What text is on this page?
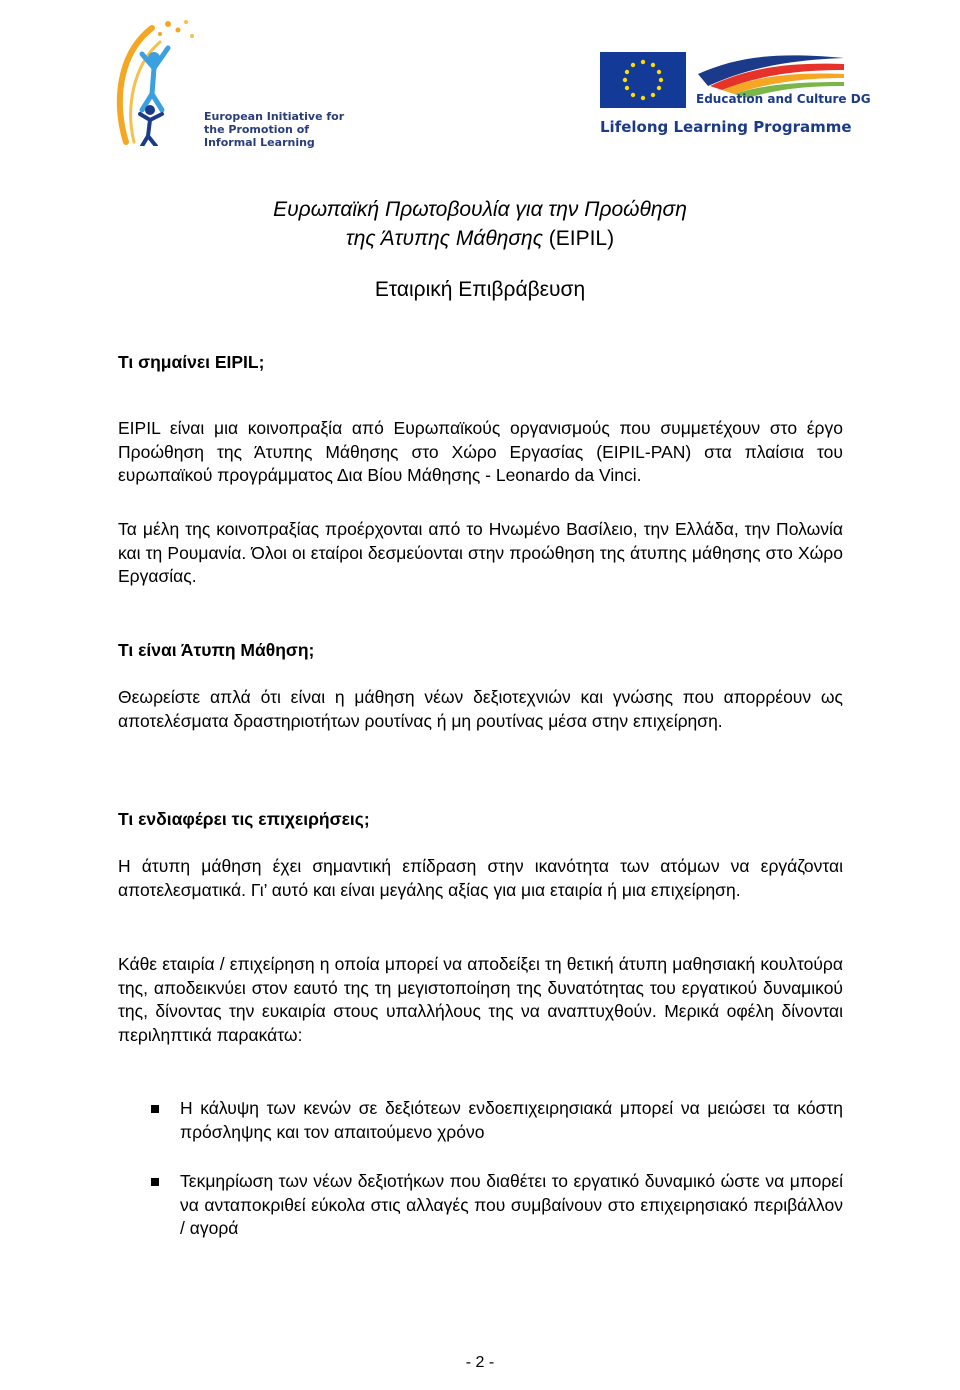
European Initiative for the Promotion of Informal Learning
Education and Culture DG
Lifelong Learning Programme
Ευρωπαϊκή Πρωτοβουλία για την Προώθηση
της Άτυπης Μάθησης (EIPIL)
Εταιρική Επιβράβευση
Τι σημαίνει EIPIL;
EIPIL είναι μια κοινοπραξία από Ευρωπαϊκούς οργανισμούς που συμμετέχουν στο έργο Προώθηση της Άτυπης Μάθησης στο Χώρο Εργασίας (EIPIL-PAN) στα πλαίσια του ευρωπαϊκού προγράμματος Δια Βίου Μάθησης - Leonardo da Vinci.
Τα μέλη της κοινοπραξίας προέρχονται από το Ηνωμένο Βασίλειο, την Ελλάδα, την Πολωνία και τη Ρουμανία. Όλοι οι εταίροι δεσμεύονται στην προώθηση της άτυπης μάθησης στο Χώρο Εργασίας.
Τι είναι Άτυπη Μάθηση;
Θεωρείστε απλά ότι είναι η μάθηση νέων δεξιοτεχνιών και γνώσης που απορρέουν ως αποτελέσματα δραστηριοτήτων ρουτίνας ή μη ρουτίνας μέσα στην επιχείρηση.
Τι ενδιαφέρει τις επιχειρήσεις;
Η άτυπη μάθηση έχει σημαντική επίδραση στην ικανότητα των ατόμων να εργάζονται αποτελεσματικά. Γι’ αυτό και είναι μεγάλης αξίας για μια εταιρία ή μια επιχείρηση.
Κάθε εταιρία / επιχείρηση η οποία μπορεί να αποδείξει τη θετική άτυπη μαθησιακή κουλτούρα της, αποδεικνύει στον εαυτό της τη μεγιστοποίηση της δυνατότητας του εργατικού δυναμικού της, δίνοντας την ευκαιρία στους υπαλλήλους της να αναπτυχθούν. Μερικά οφέλη δίνονται περιληπτικά παρακάτω:
Η κάλυψη των κενών σε δεξιότεων ενδοεπιχειρησιακά μπορεί να μειώσει τα κόστη πρόσληψης και τον απαιτούμενο χρόνο
Τεκμηρίωση των νέων δεξιοτήκων που διαθέτει το εργατικό δυναμικό ώστε να μπορεί να ανταποκριθεί εύκολα στις αλλαγές που συμβαίνουν στο επιχειρησιακό περιβάλλον / αγορά
- 2 -
